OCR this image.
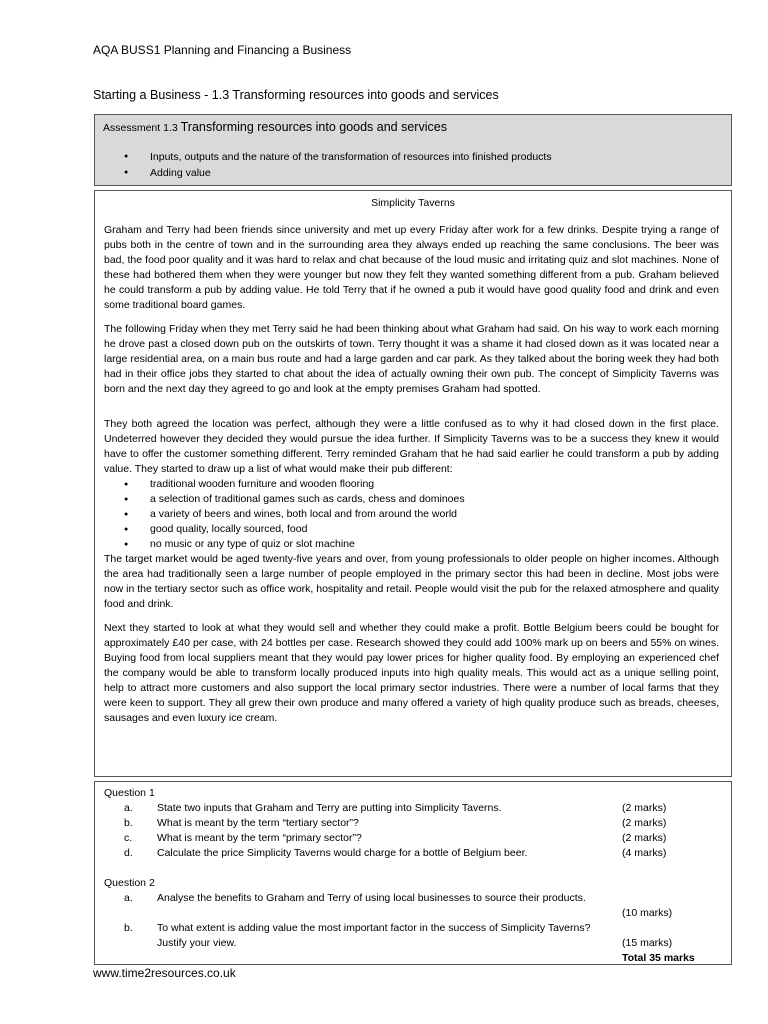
AQA BUSS1 Planning and Financing a Business
Starting a Business - 1.3 Transforming resources into goods and services
Assessment 1.3 Transforming resources into goods and services
● Inputs, outputs and the nature of the transformation of resources into finished products
● Adding value
Simplicity Taverns

Graham and Terry had been friends since university and met up every Friday after work for a few drinks. Despite trying a range of pubs both in the centre of town and in the surrounding area they always ended up reaching the same conclusions. The beer was bad, the food poor quality and it was hard to relax and chat because of the loud music and irritating quiz and slot machines. None of these had bothered them when they were younger but now they felt they wanted something different from a pub. Graham believed he could transform a pub by adding value. He told Terry that if he owned a pub it would have good quality food and drink and even some traditional board games.

The following Friday when they met Terry said he had been thinking about what Graham had said. On his way to work each morning he drove past a closed down pub on the outskirts of town. Terry thought it was a shame it had closed down as it was located near a large residential area, on a main bus route and had a large garden and car park. As they talked about the boring week they had both had in their office jobs they started to chat about the idea of actually owning their own pub. The concept of Simplicity Taverns was born and the next day they agreed to go and look at the empty premises Graham had spotted.

They both agreed the location was perfect, although they were a little confused as to why it had closed down in the first place. Undeterred however they decided they would pursue the idea further. If Simplicity Taverns was to be a success they knew it would have to offer the customer something different. Terry reminded Graham that he had said earlier he could transform a pub by adding value. They started to draw up a list of what would make their pub different:

● traditional wooden furniture and wooden flooring
● a selection of traditional games such as cards, chess and dominoes
● a variety of beers and wines, both local and from around the world
● good quality, locally sourced, food
● no music or any type of quiz or slot machine

The target market would be aged twenty-five years and over, from young professionals to older people on higher incomes. Although the area had traditionally seen a large number of people employed in the primary sector this had been in decline. Most jobs were now in the tertiary sector such as office work, hospitality and retail. People would visit the pub for the relaxed atmosphere and quality food and drink.

Next they started to look at what they would sell and whether they could make a profit. Bottle Belgium beers could be bought for approximately £40 per case, with 24 bottles per case. Research showed they could add 100% mark up on beers and 55% on wines. Buying food from local suppliers meant that they would pay lower prices for higher quality food. By employing an experienced chef the company would be able to transform locally produced inputs into high quality meals. This would act as a unique selling point, help to attract more customers and also support the local primary sector industries. There were a number of local farms that they were keen to support. They all grew their own produce and many offered a variety of high quality produce such as breads, cheeses, sausages and even luxury ice cream.

Question 1
a.	State two inputs that Graham and Terry are putting into Simplicity Taverns.	(2 marks)
b.	What is meant by the term “tertiary sector”?	(2 marks)
c.	What is meant by the term “primary sector”?	(2 marks)
d.	Calculate the price Simplicity Taverns would charge for a bottle of Belgium beer.	(4 marks)
Question 2
a.	Analyse the benefits to Graham and Terry of using local businesses to source their products.
(10 marks)
b.	To what extent is adding value the most important factor in the success of Simplicity Taverns?
Justify your view.	(15 marks)
Total 35 marks
www.time2resources.co.uk
